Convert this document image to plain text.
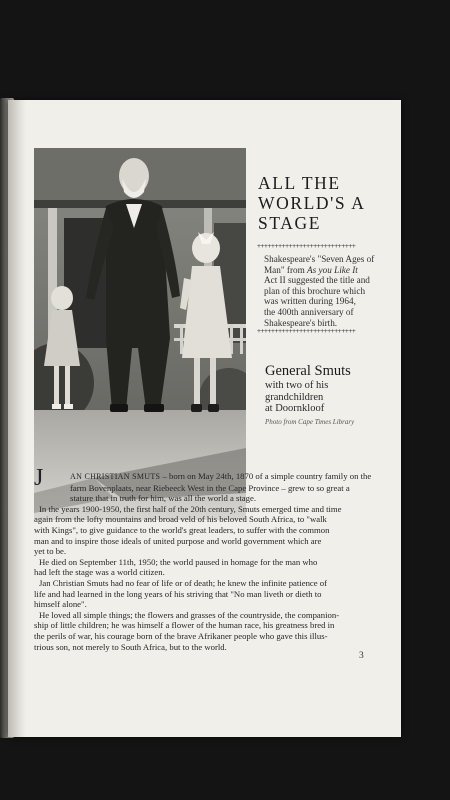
ALL THE
WORLD'S A
STAGE
++++++++++++++++++++++++++++

Shakespeare's "Seven Ages of
Man" from As you Like It
Act II suggested the title and
plan of this brochure which
was written during 1964,
the 400th anniversary of
Shakespeare's birth.

++++++++++++++++++++++++++++
General Smuts
with two of his
grandchildren
at Doornkloof
Photo from Cape Times Library
J	AN CHRISTIAN SMUTS – born on May 24th, 1870 of a simple country family on the
farm Bovenplaats, near Riebeeck West in the Cape Province – grew to so great a
stature that in truth for him, was all the world a stage.
In the years 1900-1950, the first half of the 20th century, Smuts emerged time and time
again from the lofty mountains and broad veld of his beloved South Africa, to "walk
with Kings", to give guidance to the world's great leaders, to suffer with the common
man and to inspire those ideals of united purpose and world government which are
yet to be.
He died on September 11th, 1950; the world paused in homage for the man who
had left the stage was a world citizen.
Jan Christian Smuts had no fear of life or of death; he knew the infinite patience of
life and had learned in the long years of his striving that "No man liveth or dieth to
himself alone".
He loved all simple things; the flowers and grasses of the countryside, the companion-
ship of little children; he was himself a flower of the human race, his greatness bred in
the perils of war, his courage born of the brave Afrikaner people who gave this illus-
trious son, not merely to South Africa, but to the world.

3
